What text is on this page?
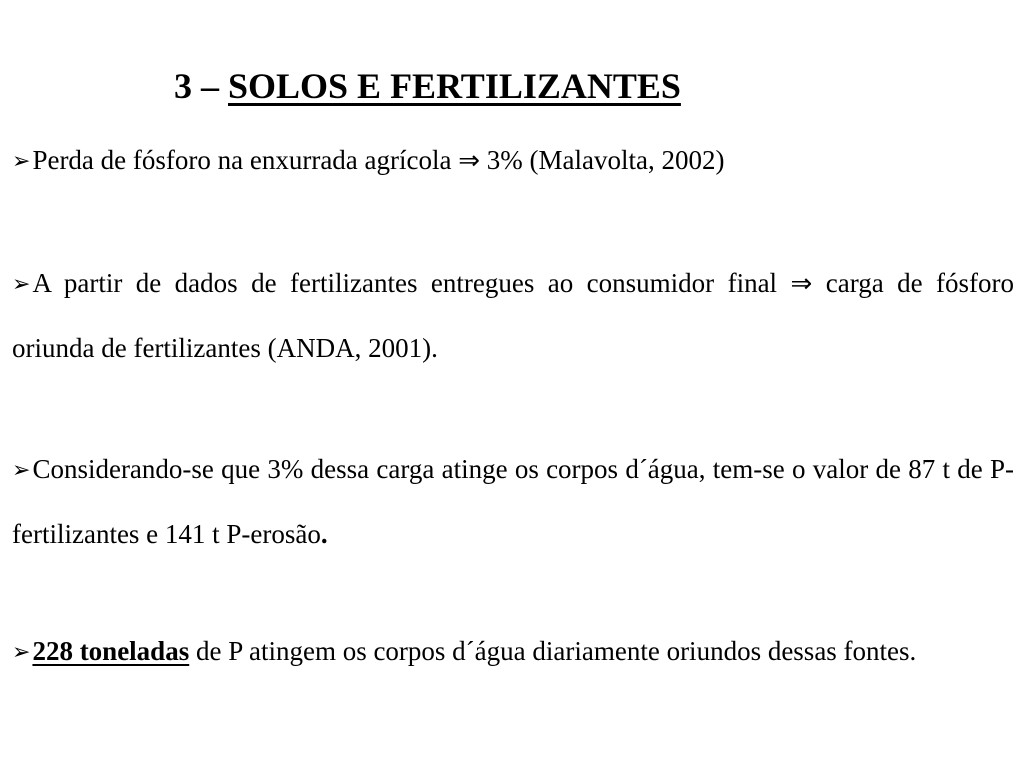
3 – SOLOS E FERTILIZANTES

➢Perda de fósforo na enxurrada agrícola ⇒ 3% (Malavolta, 2002)

➢A partir de dados de fertilizantes entregues ao consumidor final ⇒ carga de fósforo oriunda de fertilizantes (ANDA, 2001).

➢Considerando-se que 3% dessa carga atinge os corpos d´água, tem-se o valor de 87 t de P-fertilizantes e 141 t P-erosão.

➢228 toneladas de P atingem os corpos d´água diariamente oriundos dessas fontes.
